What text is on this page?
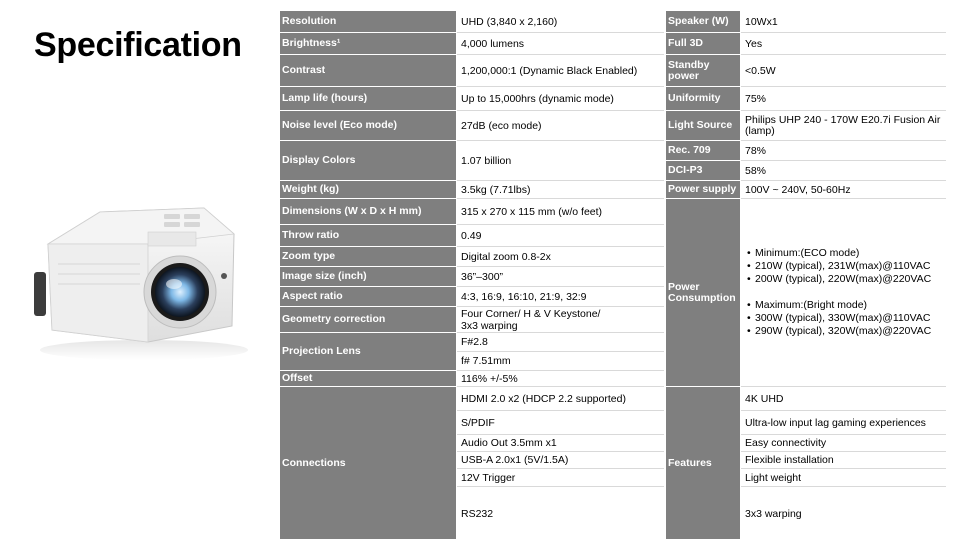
Specification
Resolution	UHD (3,840 x 2,160)
Brightness¹	4,000 lumens
Contrast	1,200,000:1 (Dynamic Black Enabled)
Lamp life (hours)	Up to 15,000hrs (dynamic mode)
Noise level (Eco mode)	27dB (eco mode)
Display Colors	1.07 billion
Weight (kg)	3.5kg (7.71lbs)
Dimensions (W x D x H mm)	315 x 270 x 115 mm (w/o feet)
Throw ratio	0.49
Zoom type	Digital zoom 0.8-2x
Image size (inch)	36”–300”
Aspect ratio	4:3, 16:9, 16:10, 21:9, 32:9
Geometry correction	Four Corner/ H & V Keystone/ 3x3 warping
Projection Lens
F#2.8
f# 7.51mm
Offset	116% +/-5%
Connections
HDMI 2.0 x2 (HDCP 2.2 supported)
S/PDIF
Audio Out 3.5mm x1
USB-A 2.0x1 (5V/1.5A)
12V Trigger
RS232
Speaker (W)	10Wx1
Full 3D	Yes
Standby power	<0.5W
Uniformity	75%
Light Source	Philips UHP 240 - 170W E20.7i Fusion Air (lamp)
Rec. 709	78%
DCI-P3	58%
Power supply 100V ~ 240V, 50-60Hz
Power Consumption
• Minimum:(ECO mode)
• 210W (typical), 231W(max)@110VAC
• 200W (typical), 220W(max)@220VAC
• Maximum:(Bright mode)
• 300W (typical), 330W(max)@110VAC
• 290W (typical), 320W(max)@220VAC
Features
4K UHD
Ultra-low input lag gaming experiences
Easy connectivity
Flexible installation
Light weight
3x3 warping
